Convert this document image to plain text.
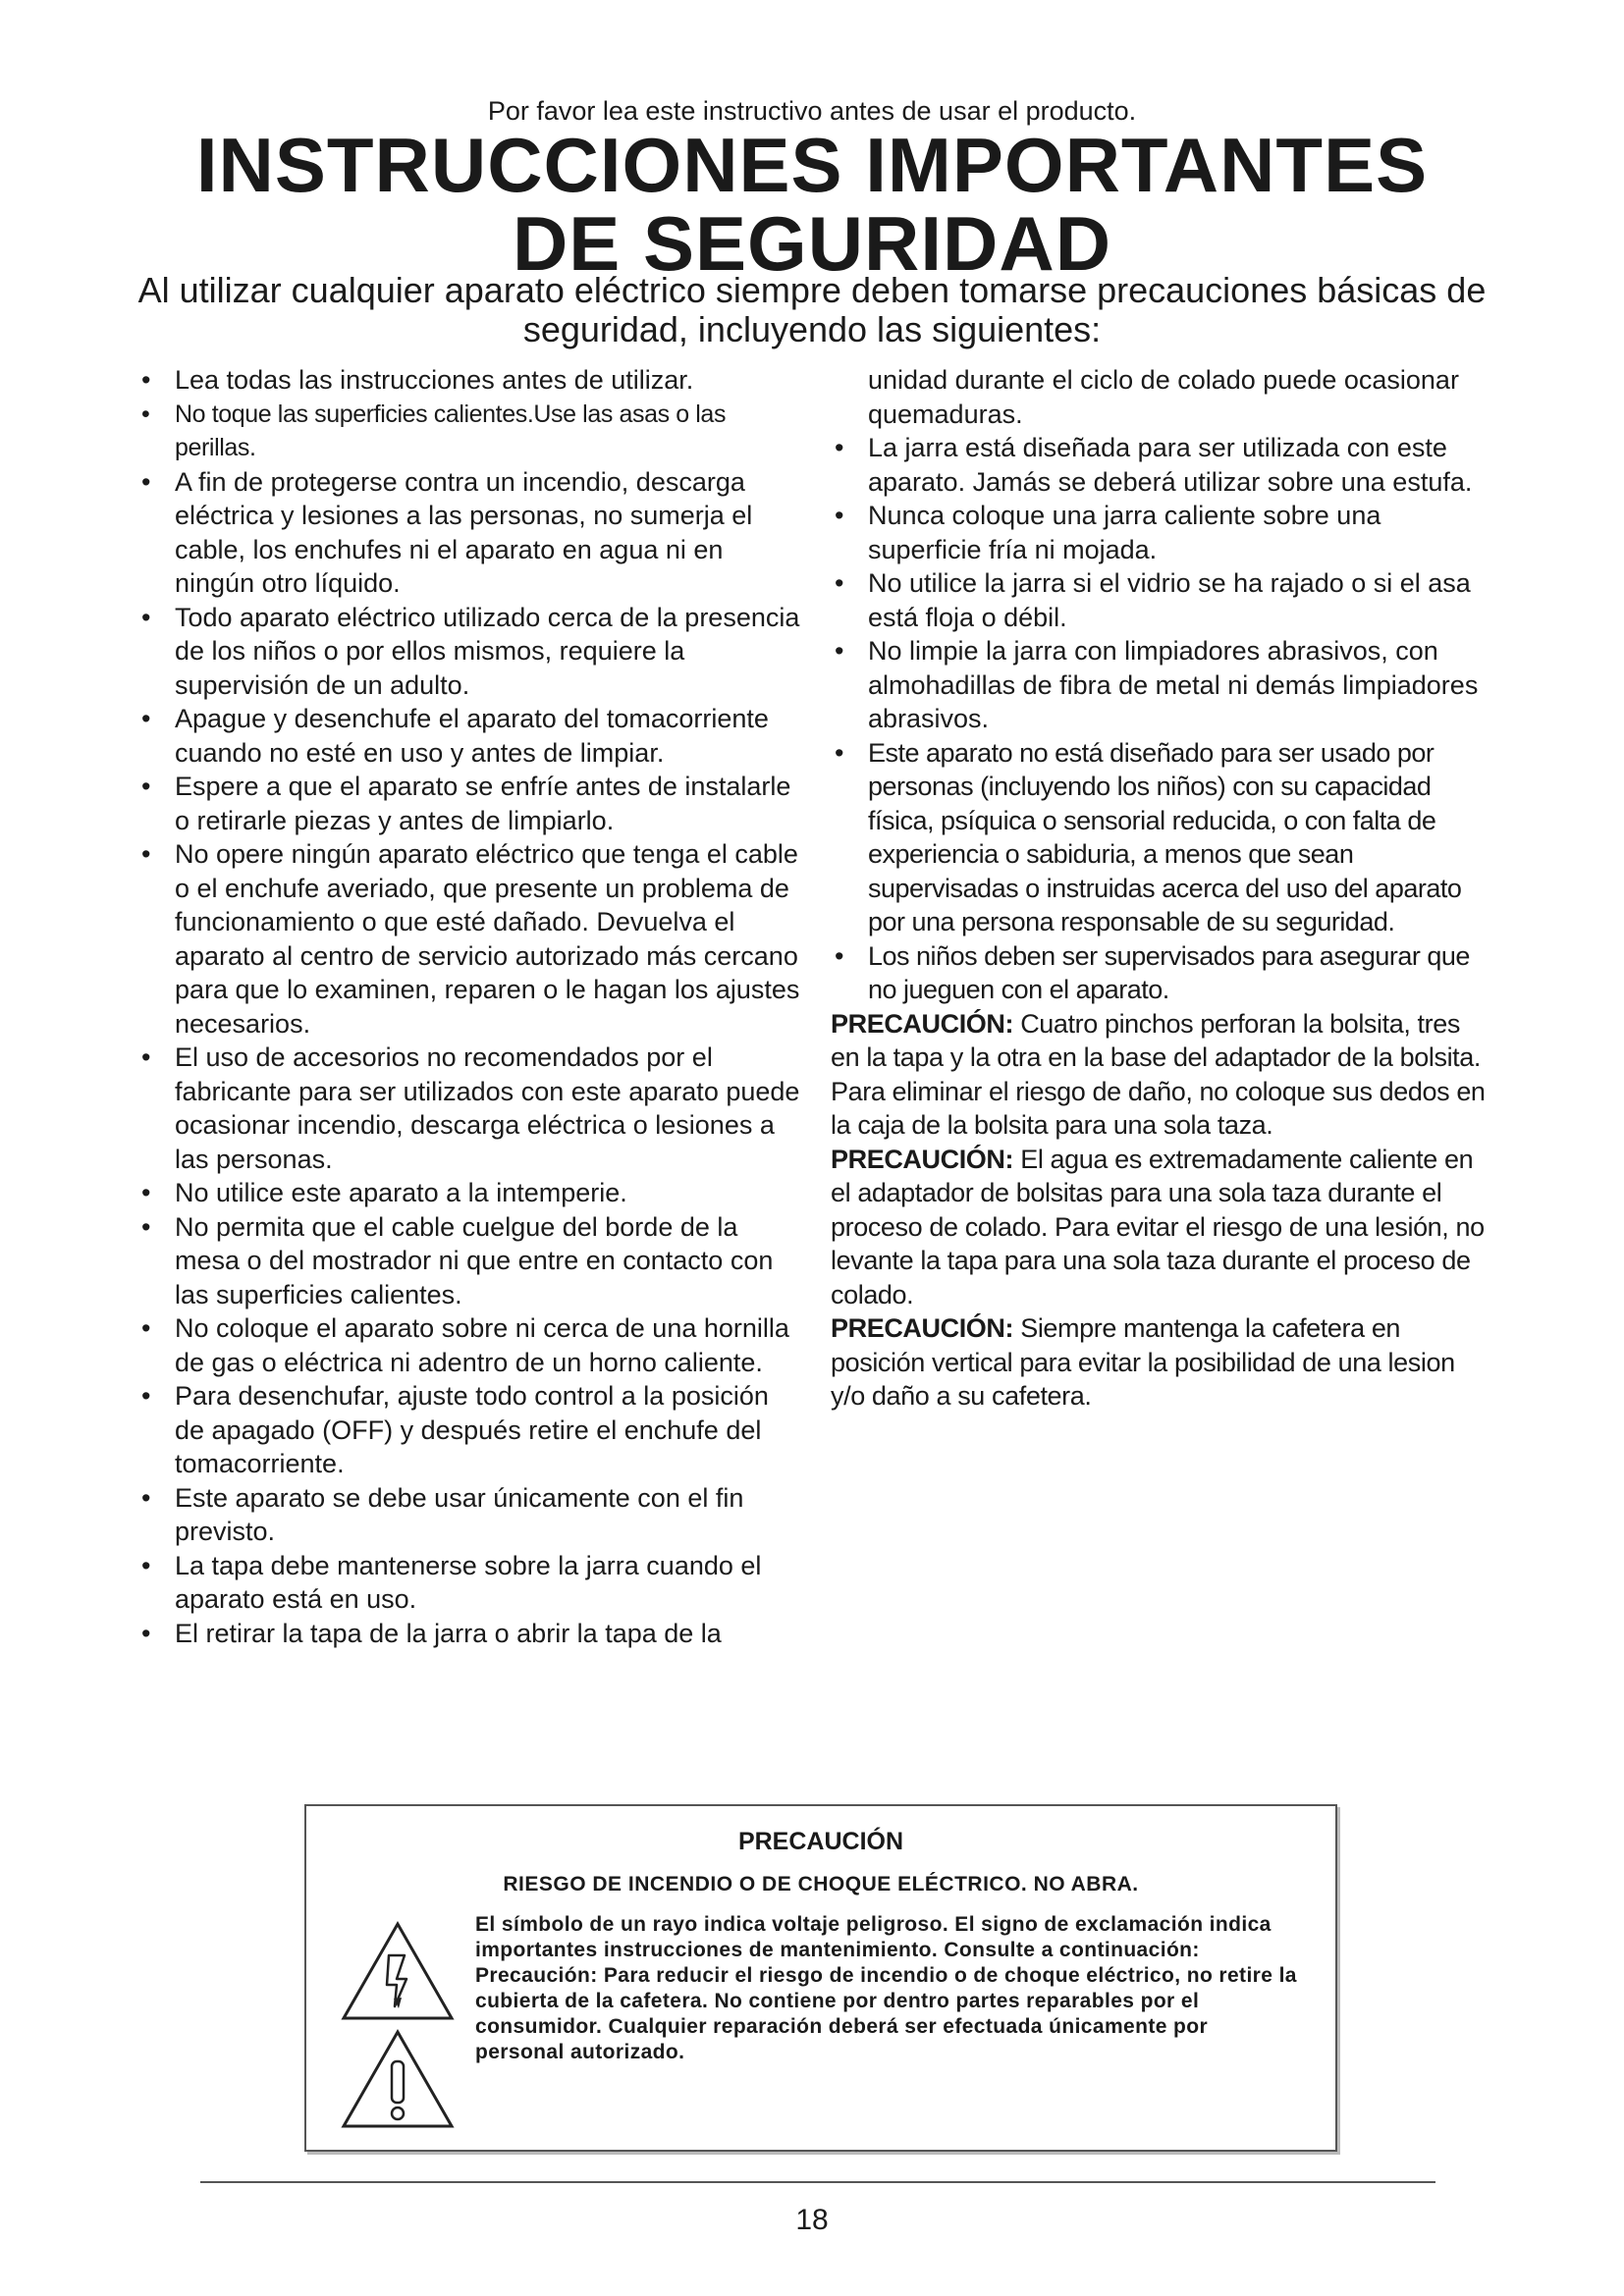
Por favor lea este instructivo antes de usar el producto.
INSTRUCCIONES IMPORTANTES
DE SEGURIDAD
Al utilizar cualquier aparato eléctrico siempre deben tomarse precauciones básicas de seguridad, incluyendo las siguientes:
• Lea todas las instrucciones antes de utilizar.
• No toque las superficies calientes.Use las asas o las perillas.
• A fin de protegerse contra un incendio, descarga eléctrica y lesiones a las personas, no sumerja el cable, los enchufes ni el aparato en agua ni en ningún otro líquido.
• Todo aparato eléctrico utilizado cerca de la presencia de los niños o por ellos mismos, requiere la supervisión de un adulto.
• Apague y desenchufe el aparato del tomacorriente cuando no esté en uso y antes de limpiar.
• Espere a que el aparato se enfríe antes de instalarle o retirarle piezas y antes de limpiarlo.
• No opere ningún aparato eléctrico que tenga el cable o el enchufe averiado, que presente un problema de funcionamiento o que esté dañado. Devuelva el aparato al centro de servicio autorizado más cercano para que lo examinen, reparen o le hagan los ajustes necesarios.
• El uso de accesorios no recomendados por el fabricante para ser utilizados con este aparato puede ocasionar incendio, descarga eléctrica o lesiones a las personas.
• No utilice este aparato a la intemperie.
• No permita que el cable cuelgue del borde de la mesa o del mostrador ni que entre en contacto con las superficies calientes.
• No coloque el aparato sobre ni cerca de una hornilla de gas o eléctrica ni adentro de un horno caliente.
• Para desenchufar, ajuste todo control a la posición de apagado (OFF) y después retire el enchufe del tomacorriente.
• Este aparato se debe usar únicamente con el fin previsto.
• La tapa debe mantenerse sobre la jarra cuando el aparato está en uso.
• El retirar la tapa de la jarra o abrir la tapa de la
unidad durante el ciclo de colado puede ocasionar quemaduras.
• La jarra está diseñada para ser utilizada con este aparato. Jamás se deberá utilizar sobre una estufa.
• Nunca coloque una jarra caliente sobre una superficie fría ni mojada.
• No utilice la jarra si el vidrio se ha rajado o si el asa está floja o débil.
• No limpie la jarra con limpiadores abrasivos, con almohadillas de fibra de metal ni demás limpiadores abrasivos.
• Este aparato no está diseñado para ser usado por personas (incluyendo los niños) con su capacidad física, psíquica o sensorial reducida, o con falta de experiencia o sabiduria, a menos que sean supervisadas o instruidas acerca del uso del aparato por una persona responsable de su seguridad.
• Los niños deben ser supervisados para asegurar que no jueguen con el aparato.

PRECAUCIÓN: Cuatro pinchos perforan la bolsita, tres en la tapa y la otra en la base del adaptador de la bolsita. Para eliminar el riesgo de daño, no coloque sus dedos en la caja de la bolsita para una sola taza.

PRECAUCIÓN: El agua es extremadamente caliente en el adaptador de bolsitas para una sola taza durante el proceso de colado. Para evitar el riesgo de una lesión, no levante la tapa para una sola taza durante el proceso de colado.

PRECAUCIÓN: Siempre mantenga la cafetera en posición vertical para evitar la posibilidad de una lesion y/o daño a su cafetera.

PRECAUCIÓN
RIESGO DE INCENDIO O DE CHOQUE ELÉCTRICO. NO ABRA.

El símbolo de un rayo indica voltaje peligroso. El signo de exclamación indica importantes instrucciones de mantenimiento. Consulte a continuación:

Precaución: Para reducir el riesgo de incendio o de choque eléctrico, no retire la cubierta de la cafetera. No contiene por dentro partes reparables por el consumidor. Cualquier reparación deberá ser efectuada únicamente por personal autorizado.

18
